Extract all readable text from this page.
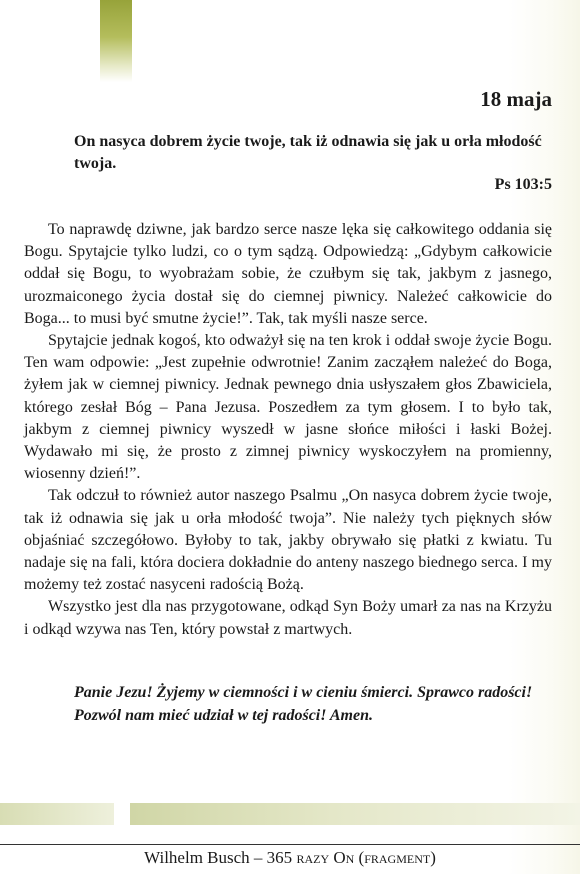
18 maja
On nasyca dobrem życie twoje, tak iż odnawia się jak u orła młodość twoja.
Ps 103:5

To naprawdę dziwne, jak bardzo serce nasze lęka się całkowitego oddania się Bogu. Spytajcie tylko ludzi, co o tym sądzą. Odpowiedzą: „Gdybym całkowicie oddał się Bogu, to wyobrażam sobie, że czułbym się tak, jakbym z jasnego, urozmaiconego życia dostał się do ciemnej piwnicy. Należeć całkowicie do Boga... to musi być smutne życie!”. Tak, tak myśli nasze serce.

Spytajcie jednak kogoś, kto odważył się na ten krok i oddał swoje życie Bogu. Ten wam odpowie: „Jest zupełnie odwrotnie! Zanim zacząłem należeć do Boga, żyłem jak w ciemnej piwnicy. Jednak pewnego dnia usłyszałem głos Zbawiciela, którego zesłał Bóg – Pana Jezusa. Poszedłem za tym głosem. I to było tak, jakbym z ciemnej piwnicy wyszedł w jasne słońce miłości i łaski Bożej. Wydawało mi się, że prosto z zimnej piwnicy wyskoczyłem na promienny, wiosenny dzień!”.

Tak odczuł to również autor naszego Psalmu „On nasyca dobrem życie twoje, tak iż odnawia się jak u orła młodość twoja”. Nie należy tych pięknych słów objaśniać szczegółowo. Byłoby to tak, jakby obrywało się płatki z kwiatu. Tu nadaje się na fali, która dociera dokładnie do anteny naszego biednego serca. I my możemy też zostać nasyceni radością Bożą.

Wszystko jest dla nas przygotowane, odkąd Syn Boży umarł za nas na Krzyżu i odkąd wzywa nas Ten, który powstał z martwych.

Panie Jezu! Żyjemy w ciemności i w cieniu śmierci. Sprawco radości! Pozwól nam mieć udział w tej radości! Amen.
Wilhelm Busch – 365 razy On (fragment)
